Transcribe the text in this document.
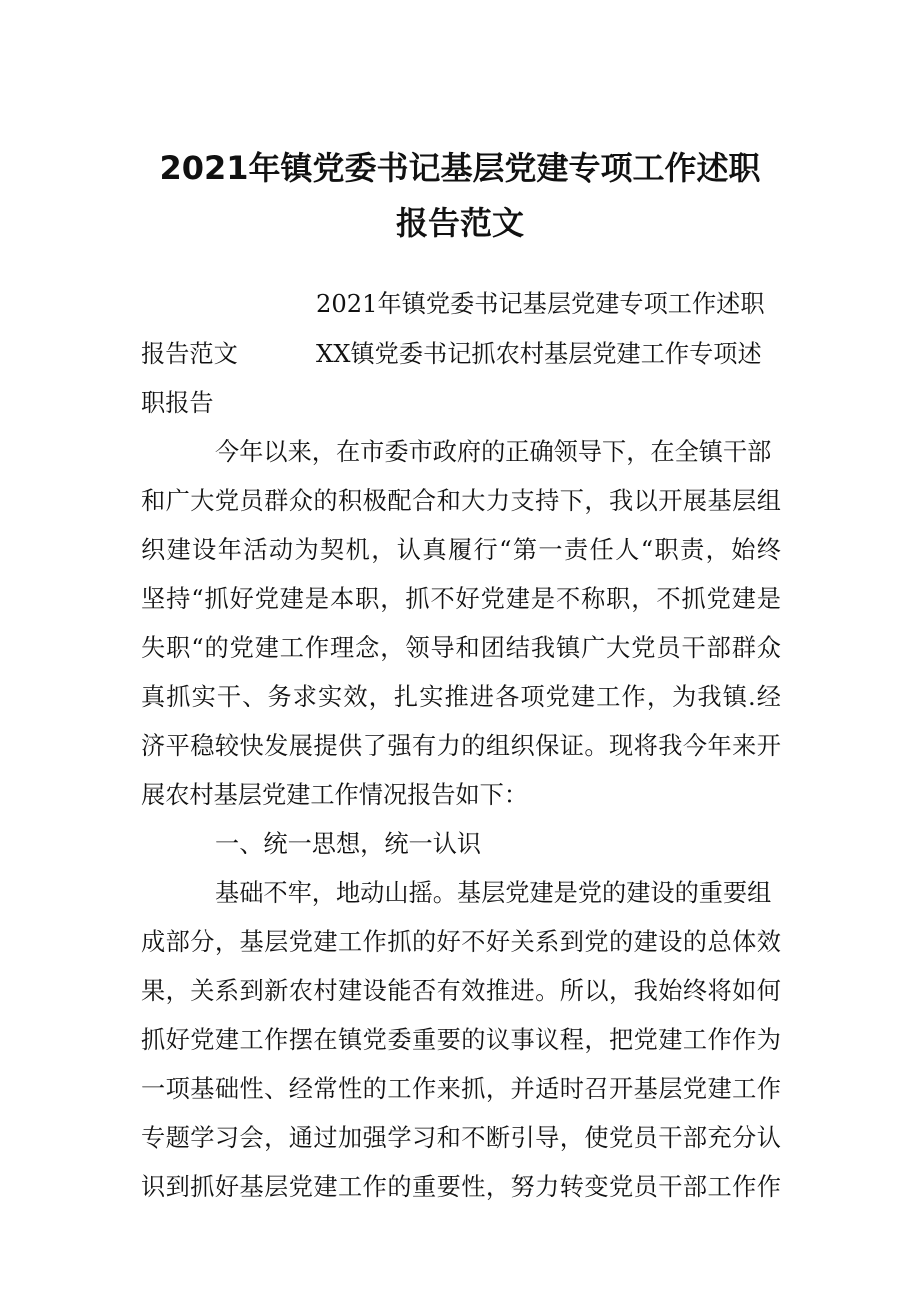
2021年镇党委书记基层党建专项工作述职
报告范文
2021年镇党委书记基层党建专项工作述职
报告范文	XX镇党委书记抓农村基层党建工作专项述
职报告
今年以来，在市委市政府的正确领导下，在全镇干部
和广大党员群众的积极配合和大力支持下，我以开展基层组
织建设年活动为契机，认真履行“第一责任人“职责，始终
坚持“抓好党建是本职，抓不好党建是不称职，不抓党建是
失职“的党建工作理念，领导和团结我镇广大党员干部群众
真抓实干、务求实效，扎实推进各项党建工作，为我镇.经
济平稳较快发展提供了强有力的组织保证。现将我今年来开
展农村基层党建工作情况报告如下：
一、统一思想，统一认识
基础不牢，地动山摇。基层党建是党的建设的重要组
成部分，基层党建工作抓的好不好关系到党的建设的总体效
果，关系到新农村建设能否有效推进。所以，我始终将如何
抓好党建工作摆在镇党委重要的议事议程，把党建工作作为
一项基础性、经常性的工作来抓，并适时召开基层党建工作
专题学习会，通过加强学习和不断引导，使党员干部充分认
识到抓好基层党建工作的重要性，努力转变党员干部工作作
